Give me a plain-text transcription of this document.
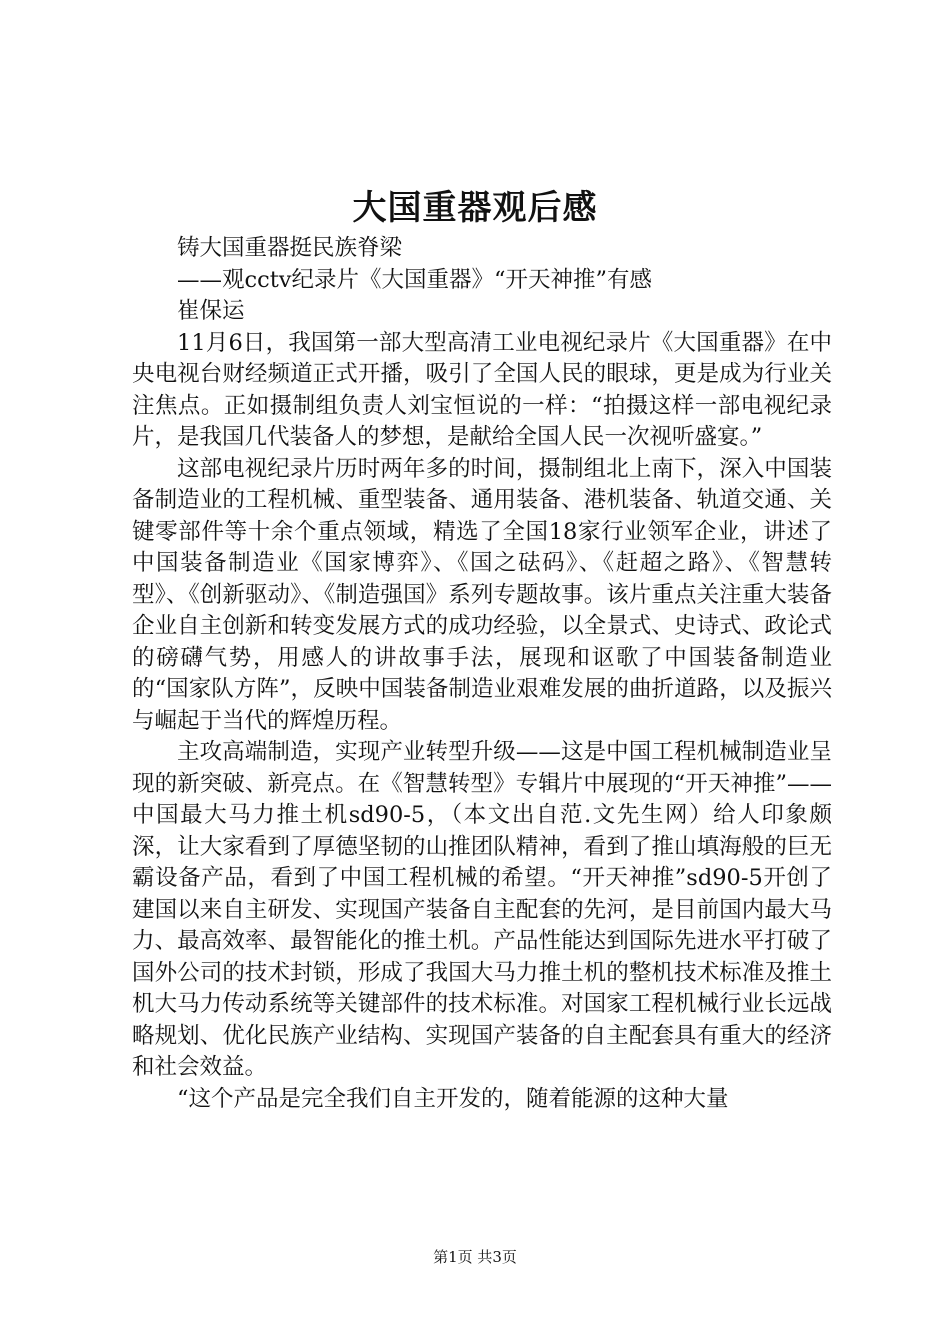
大国重器观后感

铸大国重器挺民族脊梁

——观cctv纪录片《大国重器》“开天神推”有感

崔保运

11月6日，我国第一部大型高清工业电视纪录片《大国重器》在中央电视台财经频道正式开播，吸引了全国人民的眼球，更是成为行业关注焦点。正如摄制组负责人刘宝恒说的一样：“拍摄这样一部电视纪录片，是我国几代装备人的梦想，是献给全国人民一次视听盛宴。”

这部电视纪录片历时两年多的时间，摄制组北上南下，深入中国装备制造业的工程机械、重型装备、通用装备、港机装备、轨道交通、关键零部件等十余个重点领域，精选了全国18家行业领军企业，讲述了中国装备制造业《国家博弈》、《国之砝码》、《赶超之路》、《智慧转型》、《创新驱动》、《制造强国》系列专题故事。该片重点关注重大装备企业自主创新和转变发展方式的成功经验，以全景式、史诗式、政论式的磅礴气势，用感人的讲故事手法，展现和讴歌了中国装备制造业的“国家队方阵”，反映中国装备制造业艰难发展的曲折道路，以及振兴与崛起于当代的辉煌历程。

主攻高端制造，实现产业转型升级——这是中国工程机械制造业呈现的新突破、新亮点。在《智慧转型》专辑片中展现的“开天神推”——中国最大马力推土机sd90-5，（本文出自范.文先生网）给人印象颇深，让大家看到了厚德坚韧的山推团队精神，看到了推山填海般的巨无霸设备产品，看到了中国工程机械的希望。“开天神推”sd90-5开创了建国以来自主研发、实现国产装备自主配套的先河，是目前国内最大马力、最高效率、最智能化的推土机。产品性能达到国际先进水平打破了国外公司的技术封锁，形成了我国大马力推土机的整机技术标准及推土机大马力传动系统等关键部件的技术标准。对国家工程机械行业长远战略规划、优化民族产业结构、实现国产装备的自主配套具有重大的经济和社会效益。

“这个产品是完全我们自主开发的，随着能源的这种大量

第1页 共3页
